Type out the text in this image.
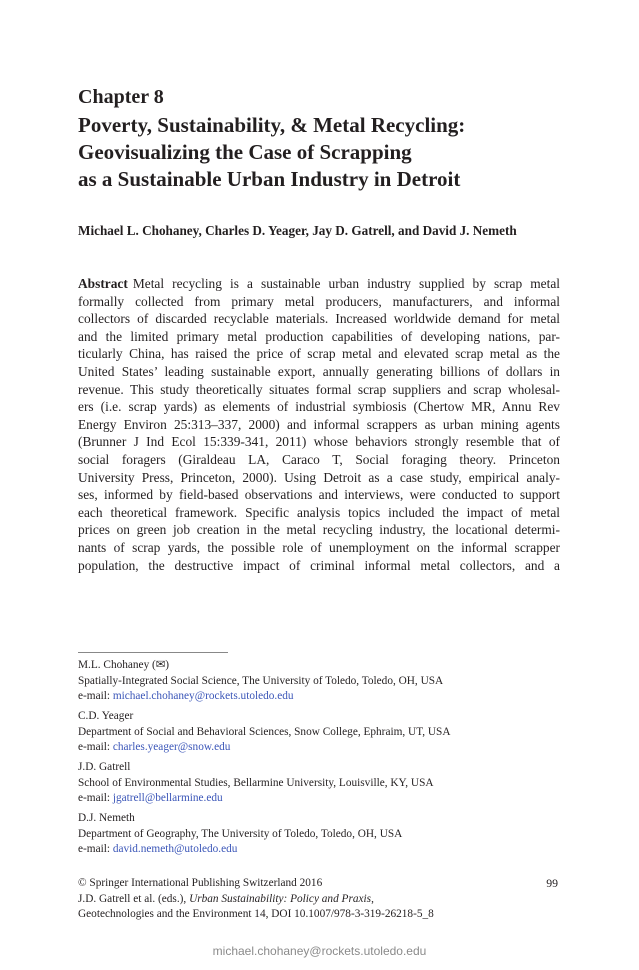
Chapter 8
Poverty, Sustainability, & Metal Recycling:
Geovisualizing the Case of Scrapping
as a Sustainable Urban Industry in Detroit
Michael L. Chohaney, Charles D. Yeager, Jay D. Gatrell, and David J. Nemeth
Abstract Metal recycling is a sustainable urban industry supplied by scrap metal
formally collected from primary metal producers, manufacturers, and informal
collectors of discarded recyclable materials. Increased worldwide demand for metal
and the limited primary metal production capabilities of developing nations, par-
ticularly China, has raised the price of scrap metal and elevated scrap metal as the
United States’ leading sustainable export, annually generating billions of dollars in
revenue. This study theoretically situates formal scrap suppliers and scrap wholesal-
ers (i.e. scrap yards) as elements of industrial symbiosis (Chertow MR, Annu Rev
Energy Environ 25:313–337, 2000) and informal scrappers as urban mining agents
(Brunner J Ind Ecol 15:339-341, 2011) whose behaviors strongly resemble that of
social foragers (Giraldeau LA, Caraco T, Social foraging theory. Princeton
University Press, Princeton, 2000). Using Detroit as a case study, empirical analy-
ses, informed by field-based observations and interviews, were conducted to support
each theoretical framework. Specific analysis topics included the impact of metal
prices on green job creation in the metal recycling industry, the locational determi-
nants of scrap yards, the possible role of unemployment on the informal scrapper
population, the destructive impact of criminal informal metal collectors, and a
M.L. Chohaney (✉)
Spatially-Integrated Social Science, The University of Toledo, Toledo, OH, USA
e-mail: michael.chohaney@rockets.utoledo.edu
C.D. Yeager
Department of Social and Behavioral Sciences, Snow College, Ephraim, UT, USA
e-mail: charles.yeager@snow.edu
J.D. Gatrell
School of Environmental Studies, Bellarmine University, Louisville, KY, USA
e-mail: jgatrell@bellarmine.edu
D.J. Nemeth
Department of Geography, The University of Toledo, Toledo, OH, USA
e-mail: david.nemeth@utoledo.edu
© Springer International Publishing Switzerland 2016
J.D. Gatrell et al. (eds.), Urban Sustainability: Policy and Praxis,
Geotechnologies and the Environment 14, DOI 10.1007/978-3-319-26218-5_8
99
michael.chohaney@rockets.utoledo.edu
